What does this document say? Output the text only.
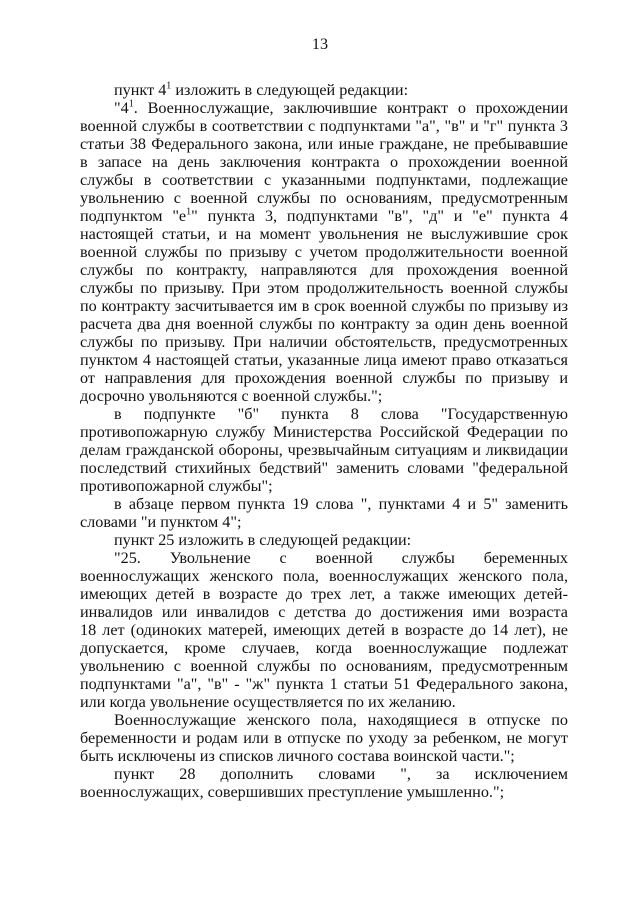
13
пункт $4^1$ изложить в следующей редакции:
"$4^1$. Военнослужащие, заключившие контракт о прохождении
военной службы в соответствии с подпунктами "а", "в" и "г" пункта 3
статьи 38 Федерального закона, или иные граждане, не пребывавшие
в запасе на день заключения контракта о прохождении военной
службы в соответствии с указанными подпунктами, подлежащие
увольнению с военной службы по основаниям, предусмотренным
подпунктом "$е^1$" пункта 3, подпунктами "в", "д" и "е" пункта 4
настоящей статьи, и на момент увольнения не выслужившие срок
военной службы по призыву с учетом продолжительности военной
службы по контракту, направляются для прохождения военной
службы по призыву. При этом продолжительность военной службы
по контракту засчитывается им в срок военной службы по призыву из
расчета два дня военной службы по контракту за один день военной
службы по призыву. При наличии обстоятельств, предусмотренных
пунктом 4 настоящей статьи, указанные лица имеют право отказаться
от направления для прохождения военной службы по призыву и
досрочно увольняются с военной службы.";
в подпункте "б" пункта 8 слова "Государственную
противопожарную службу Министерства Российской Федерации по
делам гражданской обороны, чрезвычайным ситуациям и ликвидации
последствий стихийных бедствий" заменить словами "федеральной
противопожарной службы";
в абзаце первом пункта 19 слова ", пунктами 4 и 5" заменить
словами "и пунктом 4";
пункт 25 изложить в следующей редакции:
"25. Увольнение с военной службы беременных
военнослужащих женского пола, военнослужащих женского пола,
имеющих детей в возрасте до трех лет, а также имеющих детей-
инвалидов или инвалидов с детства до достижения ими возраста
18 лет (одиноких матерей, имеющих детей в возрасте до 14 лет), не
допускается, кроме случаев, когда военнослужащие подлежат
увольнению с военной службы по основаниям, предусмотренным
подпунктами "а", "в" - "ж" пункта 1 статьи 51 Федерального закона,
или когда увольнение осуществляется по их желанию.
Военнослужащие женского пола, находящиеся в отпуске по
беременности и родам или в отпуске по уходу за ребенком, не могут
быть исключены из списков личного состава воинской части.";
пункт 28 дополнить словами ", за исключением
военнослужащих, совершивших преступление умышленно.";
